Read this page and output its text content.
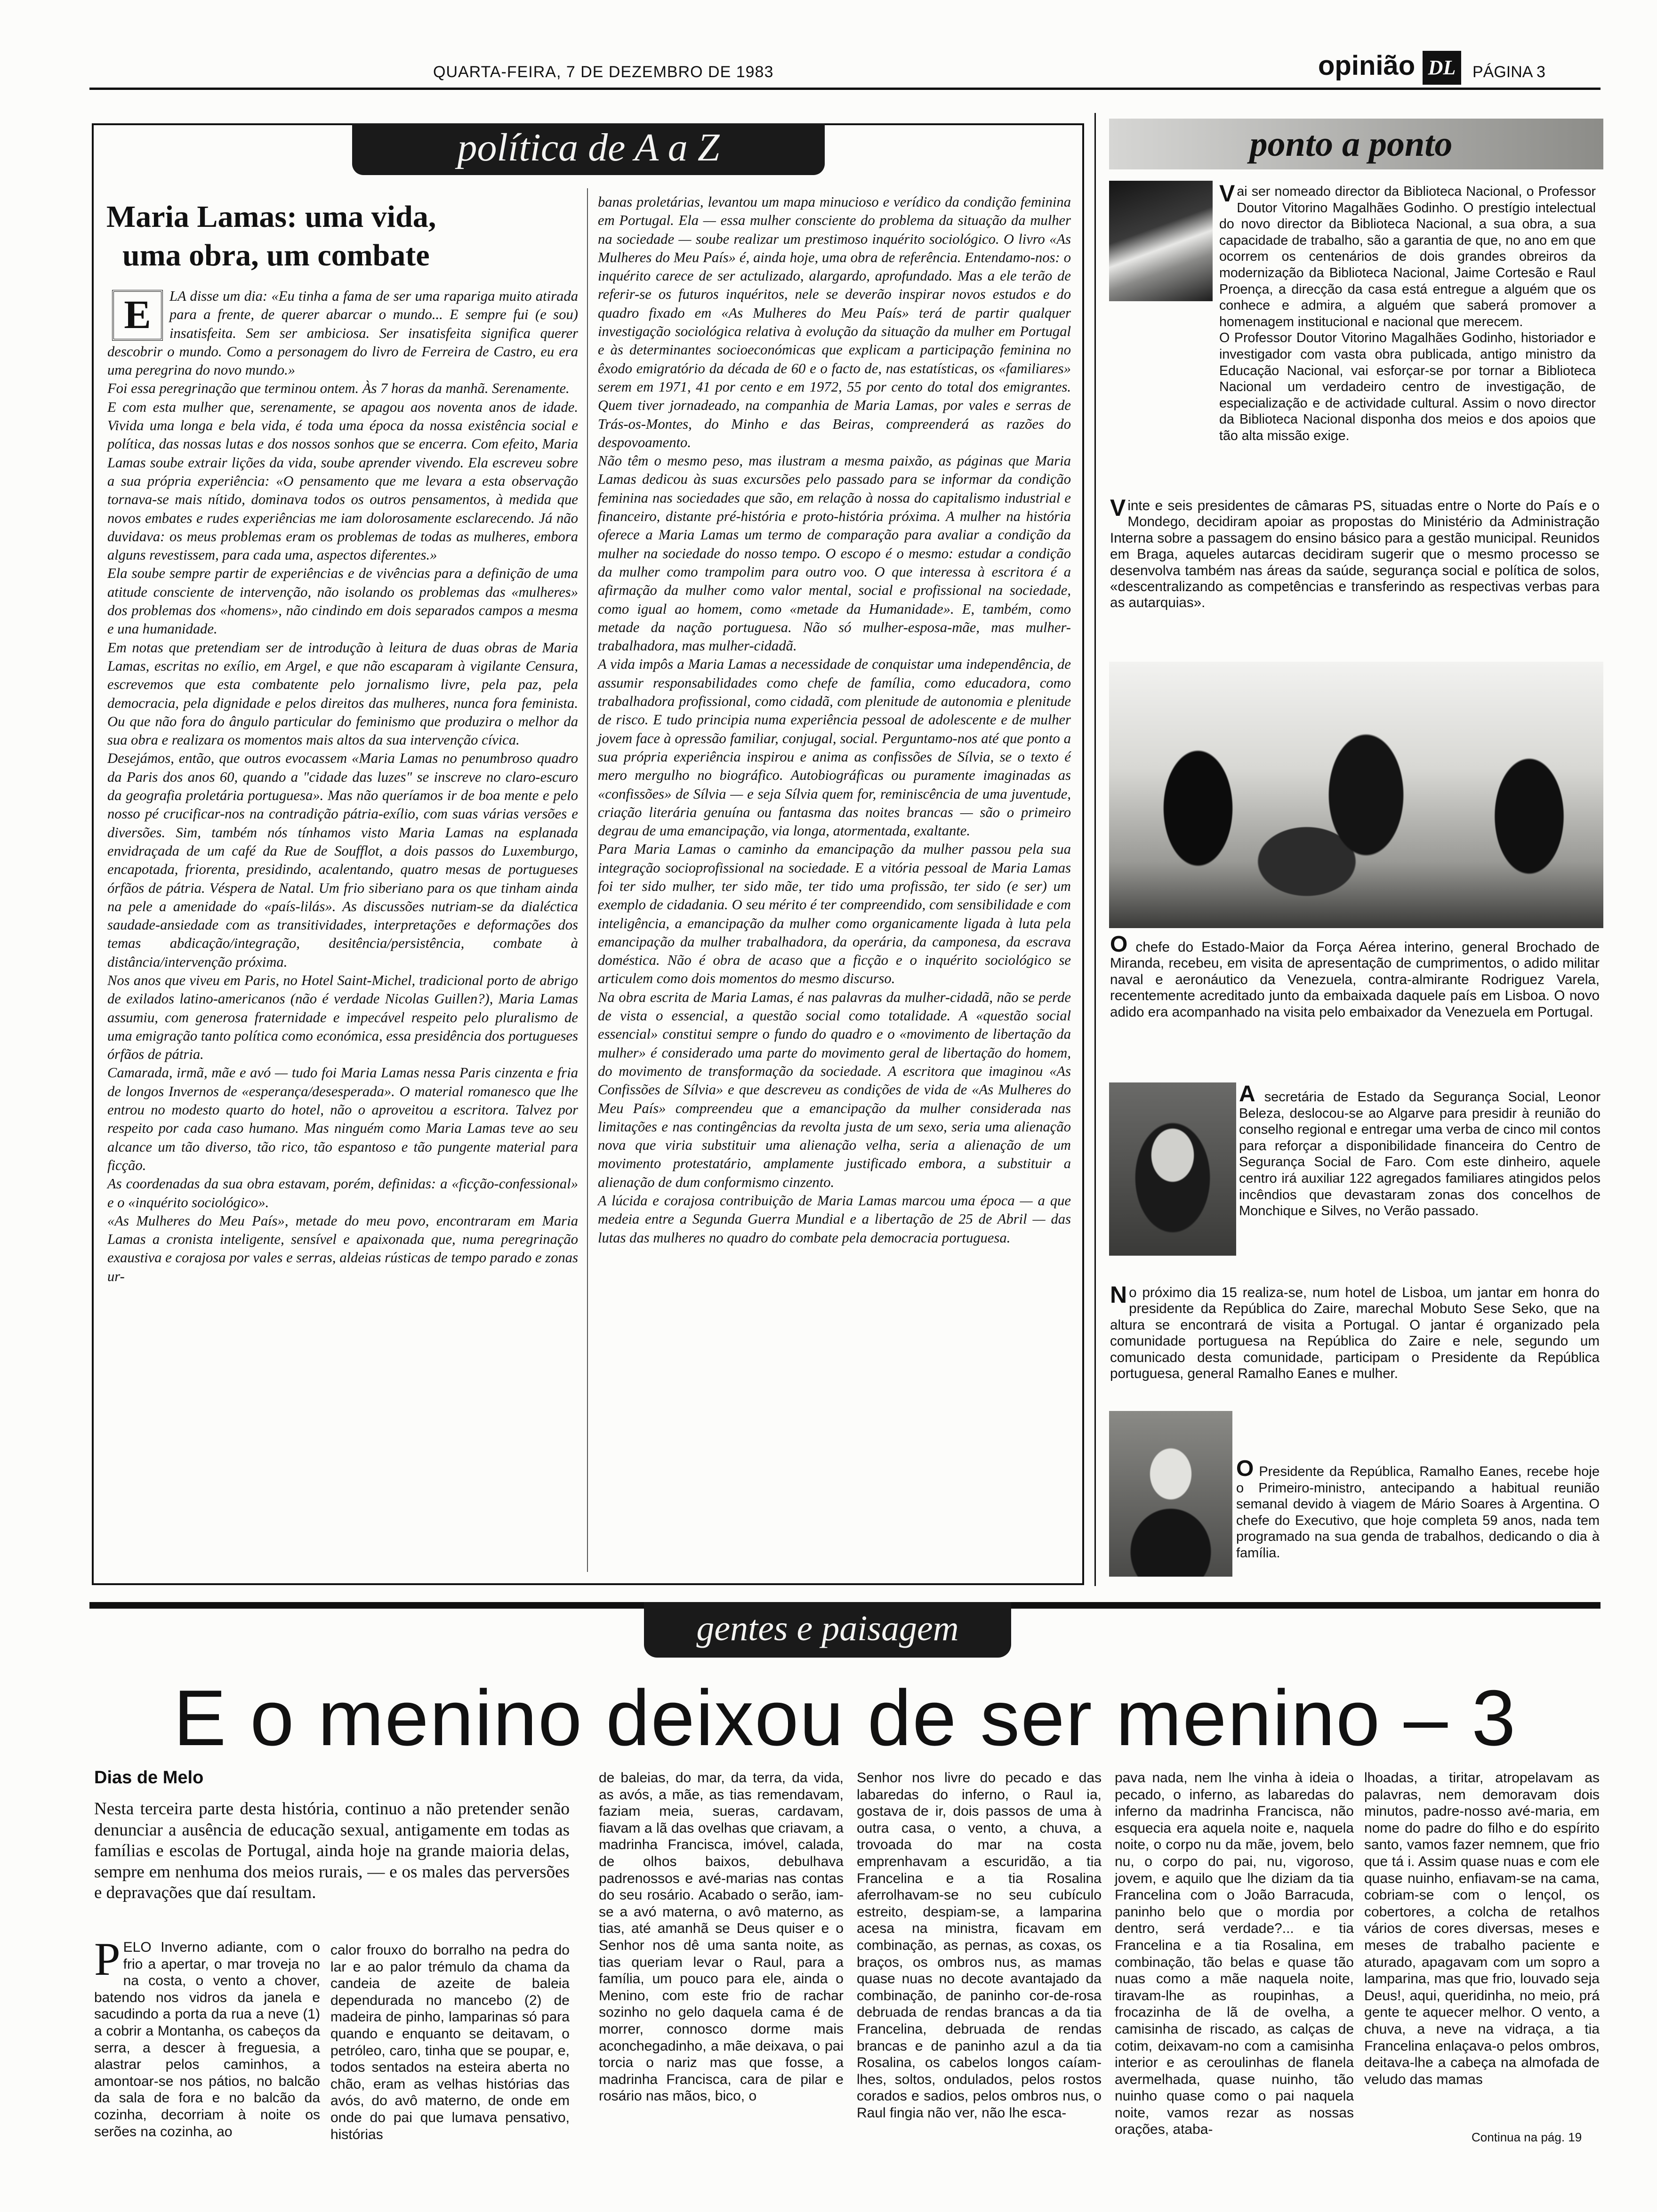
QUARTA-FEIRA, 7 DE DEZEMBRO DE 1983	opinião DL	PÁGINA 3
política de A a Z
Maria Lamas: uma vida,
uma obra, um combate
E	LA disse um dia: «Eu tinha a fama de ser uma rapariga muito atirada para a frente, de querer abarcar o mundo... E sempre fui (e sou) insatisfeita. Sem ser ambiciosa. Ser insatisfeita significa querer descobrir o mundo. Como a personagem do livro de Ferreira de Castro, eu era uma peregrina do novo mundo.»

Foi essa peregrinação que terminou ontem. Às 7 horas da manhã. Serenamente.
E com esta mulher que, serenamente, se apagou aos noventa anos de idade. Vivida uma longa e bela vida, é toda uma época da nossa existência social e política, das nossas lutas e dos nossos sonhos que se encerra. Com efeito, Maria Lamas soube extrair lições da vida, soube aprender vivendo. Ela escreveu sobre a sua própria experiência: «O pensamento que me levara a esta observação tornava-se mais nítido, dominava todos os outros pensamentos, à medida que novos embates e rudes experiências me iam dolorosamente esclarecendo. Já não duvidava: os meus problemas eram os problemas de todas as mulheres, embora alguns revestissem, para cada uma, aspectos diferentes.»
Ela soube sempre partir de experiências e de vivências para a definição de uma atitude consciente de intervenção, não isolando os problemas das «mulheres» dos problemas dos «homens», não cindindo em dois separados campos a mesma e una humanidade.
Em notas que pretendiam ser de introdução à leitura de duas obras de Maria Lamas, escritas no exílio, em Argel, e que não escaparam à vigilante Censura, escrevemos que esta combatente pelo jornalismo livre, pela paz, pela democracia, pela dignidade e pelos direitos das mulheres, nunca fora feminista. Ou que não fora do ângulo particular do feminismo que produzira o melhor da sua obra e realizara os momentos mais altos da sua intervenção cívica.
Desejámos, então, que outros evocassem «Maria Lamas no penumbroso quadro da Paris dos anos 60, quando a "cidade das luzes" se inscreve no claro-escuro da geografia proletária portuguesa». Mas não queríamos ir de boa mente e pelo nosso pé crucificar-nos na contradição pátria-exílio, com suas várias versões e diversões. Sim, também nós tínhamos visto Maria Lamas na esplanada envidraçada de um café da Rue de Soufflot, a dois passos do Luxemburgo, encapotada, friorenta, presidindo, acalentando, quatro mesas de portugueses órfãos de pátria. Véspera de Natal. Um frio siberiano para os que tinham ainda na pele a amenidade do «país-lilás». As discussões nutriam-se da dialéctica saudade-ansiedade com as transitividades, interpretações e deformações dos temas abdicação/integração, desitência/persistência, combate à distância/intervenção próxima.
Nos anos que viveu em Paris, no Hotel Saint-Michel, tradicional porto de abrigo de exilados latino-americanos (não é verdade Nicolas Guillen?), Maria Lamas assumiu, com generosa fraternidade e impecável respeito pelo pluralismo de uma emigração tanto política como económica, essa presidência dos portugueses órfãos de pátria.
Camarada, irmã, mãe e avó — tudo foi Maria Lamas nessa Paris cinzenta e fria de longos Invernos de «esperança/desesperada». O material romanesco que lhe entrou no modesto quarto do hotel, não o aproveitou a escritora. Talvez por respeito por cada caso humano. Mas ninguém como Maria Lamas teve ao seu alcance um tão diverso, tão rico, tão espantoso e tão pungente material para ficção.
As coordenadas da sua obra estavam, porém, definidas: a «ficção-confessional» e o «inquérito sociológico».
«As Mulheres do Meu País», metade do meu povo, encontraram em Maria Lamas a cronista inteligente, sensível e apaixonada que, numa peregrinação exaustiva e corajosa por vales e serras, aldeias rústicas de tempo parado e zonas ur-

banas proletárias, levantou um mapa minucioso e verídico da condição feminina em Portugal. Ela — essa mulher consciente do problema da situação da mulher na sociedade — soube realizar um prestimoso inquérito sociológico. O livro «As Mulheres do Meu País» é, ainda hoje, uma obra de referência. Entendamo-nos: o inquérito carece de ser actulizado, alargardo, aprofundado. Mas a ele terão de referir-se os futuros inquéritos, nele se deverão inspirar novos estudos e do quadro fixado em «As Mulheres do Meu País» terá de partir qualquer investigação sociológica relativa à evolução da situação da mulher em Portugal e às determinantes socioeconómicas que explicam a participação feminina no êxodo emigratório da década de 60 e o facto de, nas estatísticas, os «familiares» serem em 1971, 41 por cento e em 1972, 55 por cento do total dos emigrantes. Quem tiver jornadeado, na companhia de Maria Lamas, por vales e serras de Trás-os-Montes, do Minho e das Beiras, compreenderá as razões do despovoamento.
Não têm o mesmo peso, mas ilustram a mesma paixão, as páginas que Maria Lamas dedicou às suas excursões pelo passado para se informar da condição feminina nas sociedades que são, em relação à nossa do capitalismo industrial e financeiro, distante pré-história e proto-história próxima. A mulher na história oferece a Maria Lamas um termo de comparação para avaliar a condição da mulher na sociedade do nosso tempo. O escopo é o mesmo: estudar a condição da mulher como trampolim para outro voo. O que interessa à escritora é a afirmação da mulher como valor mental, social e profissional na sociedade, como igual ao homem, como «metade da Humanidade». E, também, como metade da nação portuguesa. Não só mulher-esposa-mãe, mas mulher-trabalhadora, mas mulher-cidadã.
A vida impôs a Maria Lamas a necessidade de conquistar uma independência, de assumir responsabilidades como chefe de família, como educadora, como trabalhadora profissional, como cidadã, com plenitude de autonomia e plenitude de risco. E tudo principia numa experiência pessoal de adolescente e de mulher jovem face à opressão familiar, conjugal, social. Perguntamo-nos até que ponto a sua própria experiência inspirou e anima as confissões de Sílvia, se o texto é mero mergulho no biográfico. Autobiográficas ou puramente imaginadas as «confissões» de Sílvia — e seja Sílvia quem for, reminiscência de uma juventude, criação literária genuína ou fantasma das noites brancas — são o primeiro degrau de uma emancipação, via longa, atormentada, exaltante.
Para Maria Lamas o caminho da emancipação da mulher passou pela sua integração socioprofissional na sociedade. E a vitória pessoal de Maria Lamas foi ter sido mulher, ter sido mãe, ter tido uma profissão, ter sido (e ser) um exemplo de cidadania. O seu mérito é ter compreendido, com sensibilidade e com inteligência, a emancipação da mulher como organicamente ligada à luta pela emancipação da mulher trabalhadora, da operária, da camponesa, da escrava doméstica. Não é obra de acaso que a ficção e o inquérito sociológico se articulem como dois momentos do mesmo discurso.
Na obra escrita de Maria Lamas, é nas palavras da mulher-cidadã, não se perde de vista o essencial, a questão social como totalidade. A «questão social essencial» constitui sempre o fundo do quadro e o «movimento de libertação da mulher» é considerado uma parte do movimento geral de libertação do homem, do movimento de transformação da sociedade. A escritora que imaginou «As Confissões de Sílvia» e que descreveu as condições de vida de «As Mulheres do Meu País» compreendeu que a emancipação da mulher considerada nas limitações e nas contingências da revolta justa de um sexo, seria uma alienação nova que viria substituir uma alienação velha, seria a alienação de um movimento protestatário, amplamente justificado embora, a substituir a alienação de dum conformismo cinzento.
A lúcida e corajosa contribuição de Maria Lamas marcou uma época — a que medeia entre a Segunda Guerra Mundial e a libertação de 25 de Abril — das lutas das mulheres no quadro do combate pela democracia portuguesa.

ponto a ponto
V ai ser nomeado director da Biblioteca Nacional, o Professor Doutor Vitorino Magalhães Godinho. O prestígio intelectual do novo director da Biblioteca Nacional, a sua obra, a sua capacidade de trabalho, são a garantia de que, no ano em que ocorrem os centenários de dois grandes obreiros da modernização da Biblioteca Nacional, Jaime Cortesão e Raul Proença, a direcção da casa está entregue a alguém que os conhece e admira, a alguém que saberá promover a homenagem institucional e nacional que merecem.
O Professor Doutor Vitorino Magalhães Godinho, historiador e investigador com vasta obra publicada, antigo ministro da Educação Nacional, vai esforçar-se por tornar a Biblioteca Nacional um verdadeiro centro de investigação, de especialização e de actividade cultural. Assim o novo director da Biblioteca Nacional disponha dos meios e dos apoios que tão alta missão exige.
V inte e seis presidentes de câmaras PS, situadas entre o Norte do País e o Mondego, decidiram apoiar as propostas do Ministério da Administração Interna sobre a passagem do ensino básico para a gestão municipal. Reunidos em Braga, aqueles autarcas decidiram sugerir que o mesmo processo se desenvolva também nas áreas da saúde, segurança social e política de solos, «descentralizando as competências e transferindo as respectivas verbas para as autarquias».
O chefe do Estado-Maior da Força Aérea interino, general Brochado de Miranda, recebeu, em visita de apresentação de cumprimentos, o adido militar naval e aeronáutico da Venezuela, contra-almirante Rodriguez Varela, recentemente acreditado junto da embaixada daquele país em Lisboa. O novo adido era acompanhado na visita pelo embaixador da Venezuela em Portugal.
A secretária de Estado da Segurança Social, Leonor Beleza, deslocou-se ao Algarve para presidir à reunião do conselho regional e entregar uma verba de cinco mil contos para reforçar a disponibilidade financeira do Centro de Segurança Social de Faro. Com este dinheiro, aquele centro irá auxiliar 122 agregados familiares atingidos pelos incêndios que devastaram zonas dos concelhos de Monchique e Silves, no Verão passado.
N o próximo dia 15 realiza-se, num hotel de Lisboa, um jantar em honra do presidente da República do Zaire, marechal Mobuto Sese Seko, que na altura se encontrará de visita a Portugal. O jantar é organizado pela comunidade portuguesa na República do Zaire e nele, segundo um comunicado desta comunidade, participam o Presidente da República portuguesa, general Ramalho Eanes e mulher.
O Presidente da República, Ramalho Eanes, recebe hoje o Primeiro-ministro, antecipando a habitual reunião semanal devido à viagem de Mário Soares à Argentina. O chefe do Executivo, que hoje completa 59 anos, nada tem programado na sua genda de trabalhos, dedicando o dia à família.
gentes e paisagem
E o menino deixou de ser menino – 3
Dias de Melo
Nesta terceira parte desta história, continuo a não pretender senão denunciar a ausência de educação sexual, antigamente em todas as famílias e escolas de Portugal, ainda hoje na grande maioria delas, sempre em nenhuma dos meios rurais, — e os males das perversões e depravações que daí resultam.
P ELO Inverno adiante, com o frio a apertar, o mar troveja no na costa, o vento a chover, batendo nos vidros da janela e sacudindo a porta da rua a neve (1) a cobrir a Montanha, os cabeços da serra, a descer à freguesia, a alastrar pelos caminhos, a amontoar-se nos pátios, no balcão da sala de fora e no balcão da cozinha, decorriam à noite os serões na cozinha, ao
calor frouxo do borralho na pedra do lar e ao palor trémulo da chama da candeia de azeite de baleia dependurada no mancebo (2) de madeira de pinho, lamparinas só para quando e enquanto se deitavam, o petróleo, caro, tinha que se poupar, e, todos sentados na esteira aberta no chão, eram as velhas histórias das avós, do avô materno, de onde em onde do pai que lumava pensativo, histórias
de baleias, do mar, da terra, da vida, as avós, a mãe, as tias remendavam, faziam meia, sueras, cardavam, fiavam a lã das ovelhas que criavam, a madrinha Francisca, imóvel, calada, de olhos baixos, debulhava padrenossos e avé-marias nas contas do seu rosário. Acabado o serão, iam-se a avó materna, o avô materno, as tias, até amanhã se Deus quiser e o Senhor nos dê uma santa noite, as tias queriam levar o Raul, para a família, um pouco para ele, ainda o Menino, com este frio de rachar sozinho no gelo daquela cama é de morrer, connosco dorme mais aconchegadinho, a mãe deixava, o pai torcia o nariz mas que fosse, a madrinha Francisca, cara de pilar e rosário nas mãos, bico, o
Senhor nos livre do pecado e das labaredas do inferno, o Raul ia, gostava de ir, dois passos de uma à outra casa, o vento, a chuva, a trovoada do mar na costa emprenhavam a escuridão, a tia Francelina e a tia Rosalina aferrolhavam-se no seu cubículo estreito, despiam-se, a lamparina acesa na ministra, ficavam em combinação, as pernas, as coxas, os braços, os ombros nus, as mamas quase nuas no decote avantajado da combinação, de paninho cor-de-rosa debruada de rendas brancas a da tia Francelina, debruada de rendas brancas e de paninho azul a da tia Rosalina, os cabelos longos caíam-lhes, soltos, ondulados, pelos rostos corados e sadios, pelos ombros nus, o Raul fingia não ver, não lhe esca-
pava nada, nem lhe vinha à ideia o pecado, o inferno, as labaredas do inferno da madrinha Francisca, não esquecia era aquela noite e, naquela noite, o corpo nu da mãe, jovem, belo nu, o corpo do pai, nu, vigoroso, jovem, e aquilo que lhe diziam da tia Francelina com o João Barracuda, paninho belo que o mordia por dentro, será verdade?... e tia Francelina e a tia Rosalina, em combinação, tão belas e quase tão nuas como a mãe naquela noite, tiravam-lhe as roupinhas, a frocazinha de lã de ovelha, a camisinha de riscado, as calças de cotim, deixavam-no com a camisinha interior e as ceroulinhas de flanela avermelhada, quase nuinho, tão nuinho quase como o pai naquela noite, vamos rezar as nossas orações, ataba-
lhoadas, a tiritar, atropelavam as palavras, nem demoravam dois minutos, padre-nosso avé-maria, em nome do padre do filho e do espírito santo, vamos fazer nemnem, que frio que tá i. Assim quase nuas e com ele quase nuinho, enfiavam-se na cama, cobriam-se com o lençol, os cobertores, a colcha de retalhos vários de cores diversas, meses e meses de trabalho paciente e aturado, apagavam com um sopro a lamparina, mas que frio, louvado seja Deus!, aqui, queridinha, no meio, prá gente te aquecer melhor. O vento, a chuva, a neve na vidraça, a tia Francelina enlaçava-o pelos ombros, deitava-lhe a cabeça na almofada de veludo das mamas
Continua na pág. 19
